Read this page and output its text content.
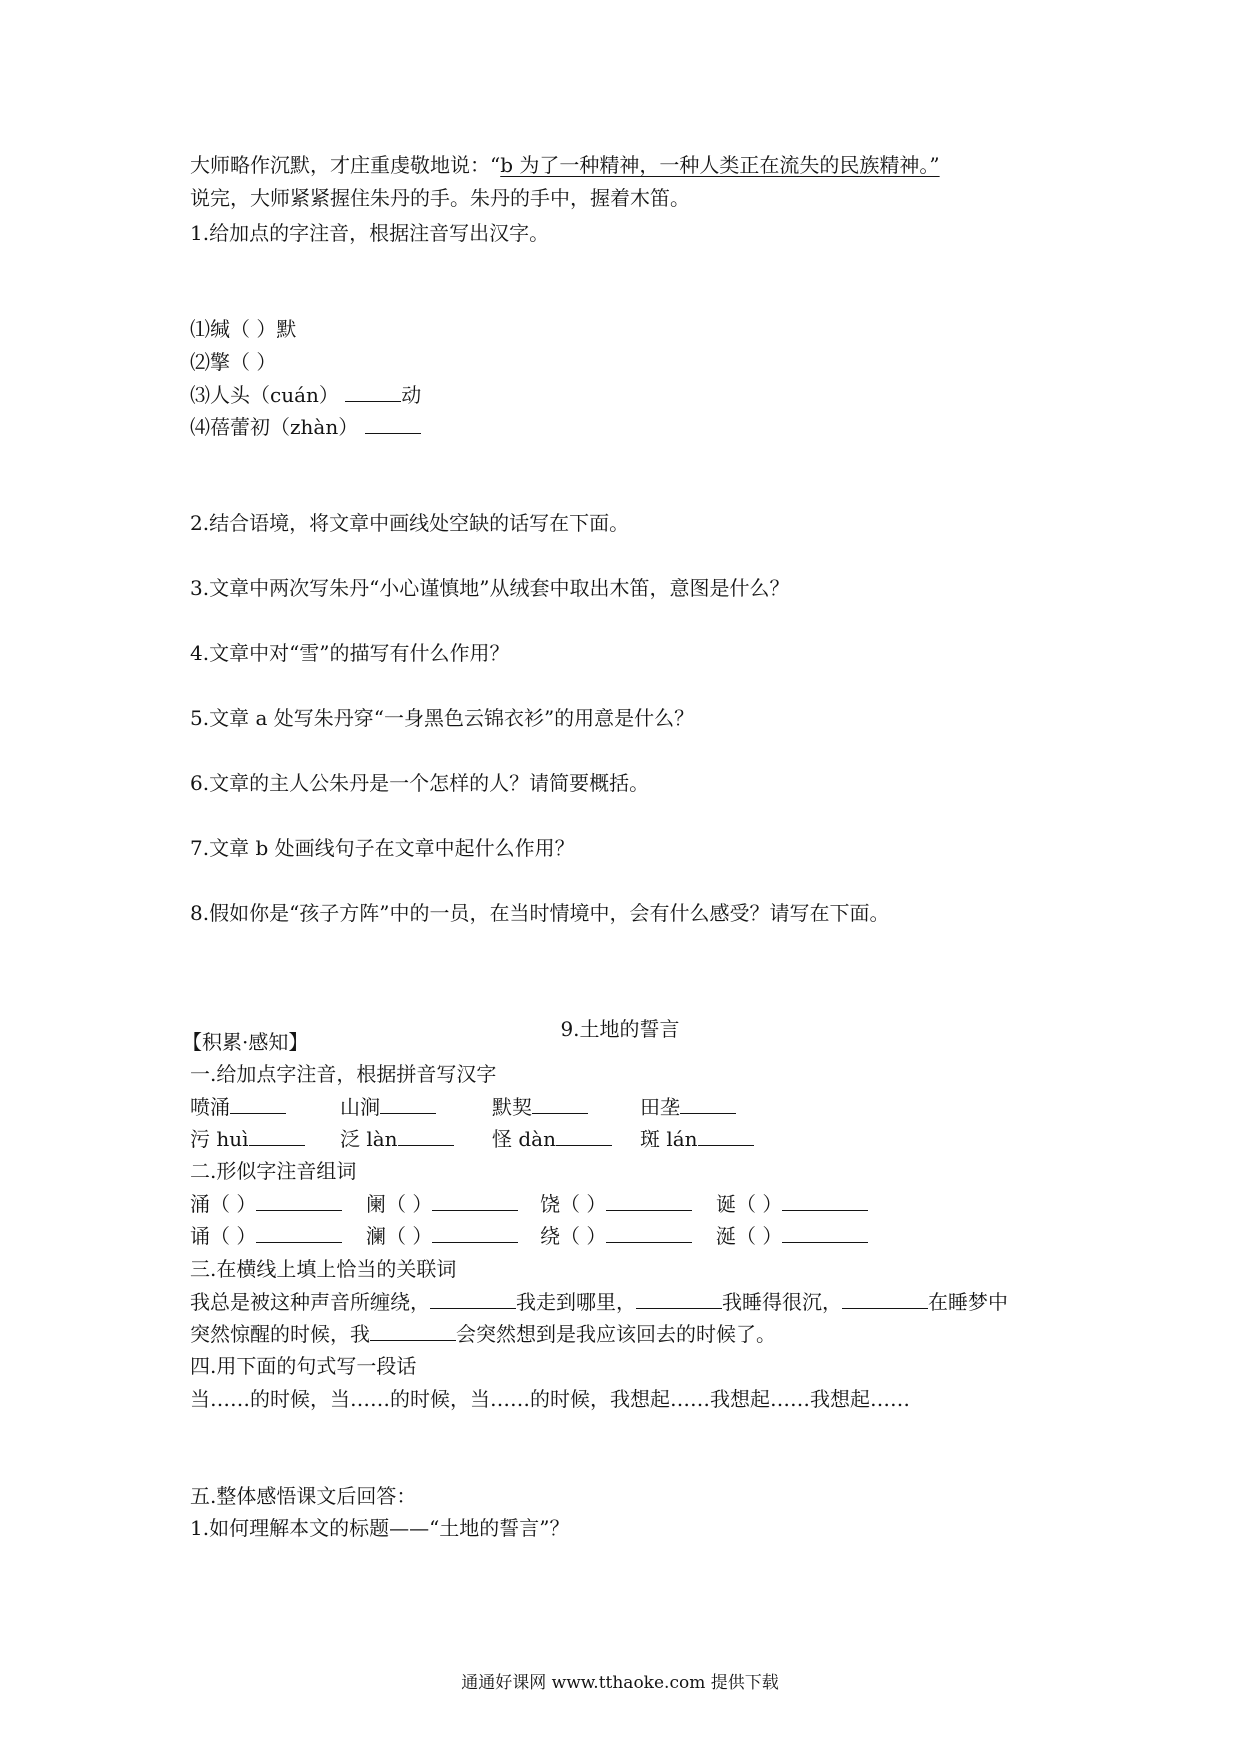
大师略作沉默，才庄重虔敬地说：“b 为了一种精神，一种人类正在流失的民族精神。”

说完，大师紧紧握住朱丹的手。朱丹的手中，握着木笛。

1.给加点的字注音，根据注音写出汉字。

⑴缄（ ）默

⑵擎（ ）

⑶人头（cuán）	动

⑷蓓蕾初（zhàn）

2.结合语境，将文章中画线处空缺的话写在下面。

3.文章中两次写朱丹“小心谨慎地”从绒套中取出木笛，意图是什么？

4.文章中对“雪”的描写有什么作用？

5.文章 a 处写朱丹穿“一身黑色云锦衣衫”的用意是什么？

6.文章的主人公朱丹是一个怎样的人？请简要概括。

7.文章 b 处画线句子在文章中起什么作用？

8.假如你是“孩子方阵”中的一员，在当时情境中，会有什么感受？请写在下面。

9.土地的誓言

【积累·感知】

一.给加点字注音，根据拼音写汉字

喷涌	山涧	默契	田垄
污 huì	泛 làn	怪 dàn	斑 lán

二.形似字注音组词

涌（ ）	阑（ ）	饶（ ）	诞（ ）
诵（ ）	澜（ ）	绕（ ）	涎（ ）

三.在横线上填上恰当的关联词

我总是被这种声音所缠绕，	我走到哪里，	我睡得很沉，	在睡梦中

突然惊醒的时候，我	会突然想到是我应该回去的时候了。

四.用下面的句式写一段话

当……的时候，当……的时候，当……的时候，我想起……我想起……我想起……

五.整体感悟课文后回答：

1.如何理解本文的标题——“土地的誓言”？

通通好课网 www.tthaoke.com 提供下载
